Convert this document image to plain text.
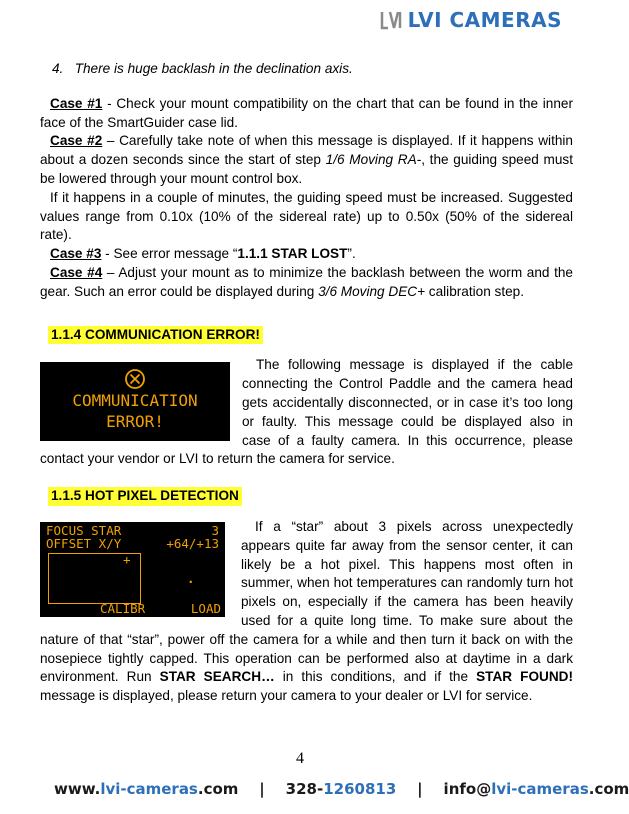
LVI CAMERAS

4. There is huge backlash in the declination axis.

Case #1 - Check your mount compatibility on the chart that can be found in the inner face of the SmartGuider case lid.

Case #2 – Carefully take note of when this message is displayed. If it happens within about a dozen seconds since the start of step 1/6 Moving RA-, the guiding speed must be lowered through your mount control box.

If it happens in a couple of minutes, the guiding speed must be increased. Suggested values range from 0.10x (10% of the sidereal rate) up to 0.50x (50% of the sidereal rate).

Case #3 - See error message “1.1.1 STAR LOST”.

Case #4 – Adjust your mount as to minimize the backlash between the worm and the gear. Such an error could be displayed during 3/6 Moving DEC+ calibration step.

1.1.4 COMMUNICATION ERROR!
COMMUNICATION
ERROR!

The following message is displayed if the cable connecting the Control Paddle and the camera head gets accidentally disconnected, or in case it’s too long or faulty. This message could be displayed also in case of a faulty camera. In this occurrence, please contact your vendor or LVI to return the camera for service.

1.1.5 HOT PIXEL DETECTION
FOCUS STAR	3
OFFSET X/Y	+64/+13
+
.
CALIBR	LOAD

If a “star” about 3 pixels across unexpectedly appears quite far away from the sensor center, it can likely be a hot pixel. This happens most often in summer, when hot temperatures can randomly turn hot pixels on, especially if the camera has been heavily used for a quite long time. To make sure about the nature of that “star”, power off the camera for a while and then turn it back on with the nosepiece tightly capped. This operation can be performed also at daytime in a dark environment. Run STAR SEARCH… in this conditions, and if the STAR FOUND! message is displayed, please return your camera to your dealer or LVI for service.

4
www.lvi-cameras.com    |    328-1260813    |    info@lvi-cameras.com
